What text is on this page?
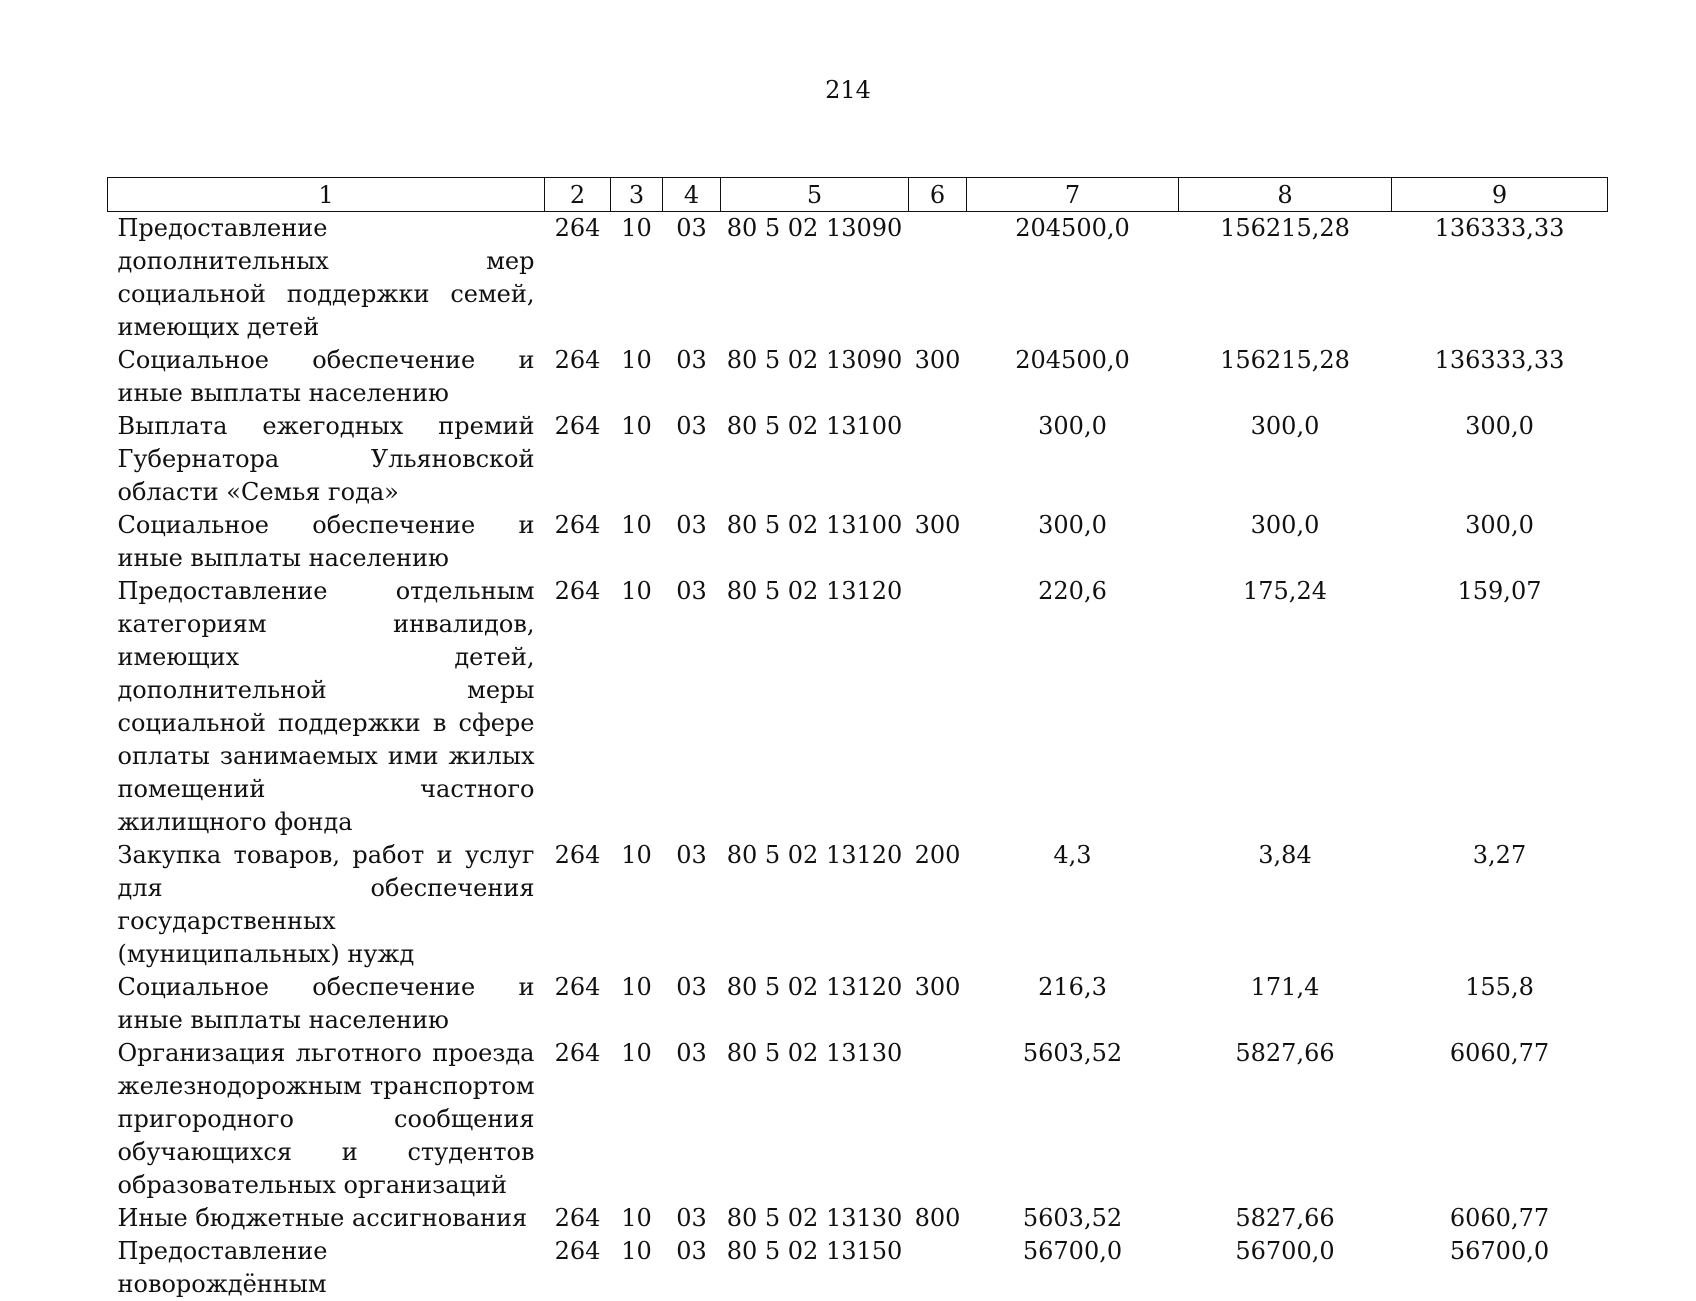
214
1	2	3	4	5	6	7	8	9
Предоставление дополнительных мер социальной поддержки семей, имеющих детей	264	10	03	80 5 02 13090		204500,0	156215,28	136333,33
Социальное обеспечение и иные выплаты населению	264	10	03	80 5 02 13090	300	204500,0	156215,28	136333,33
Выплата ежегодных премий Губернатора Ульяновской области «Семья года»	264	10	03	80 5 02 13100		300,0	300,0	300,0
Социальное обеспечение и иные выплаты населению	264	10	03	80 5 02 13100	300	300,0	300,0	300,0
Предоставление отдельным категориям инвалидов, имеющих детей, дополнительной меры социальной поддержки в сфере оплаты занимаемых ими жилых помещений частного жилищного фонда	264	10	03	80 5 02 13120		220,6	175,24	159,07
Закупка товаров, работ и услуг для обеспечения государственных (муниципальных) нужд	264	10	03	80 5 02 13120	200	4,3	3,84	3,27
Социальное обеспечение и иные выплаты населению	264	10	03	80 5 02 13120	300	216,3	171,4	155,8
Организация льготного проезда железнодорожным транспортом пригородного сообщения обучающихся и студентов образовательных организаций	264	10	03	80 5 02 13130		5603,52	5827,66	6060,77
Иные бюджетные ассигнования	264	10	03	80 5 02 13130	800	5603,52	5827,66	6060,77
Предоставление новорождённым	264	10	03	80 5 02 13150		56700,0	56700,0	56700,0
